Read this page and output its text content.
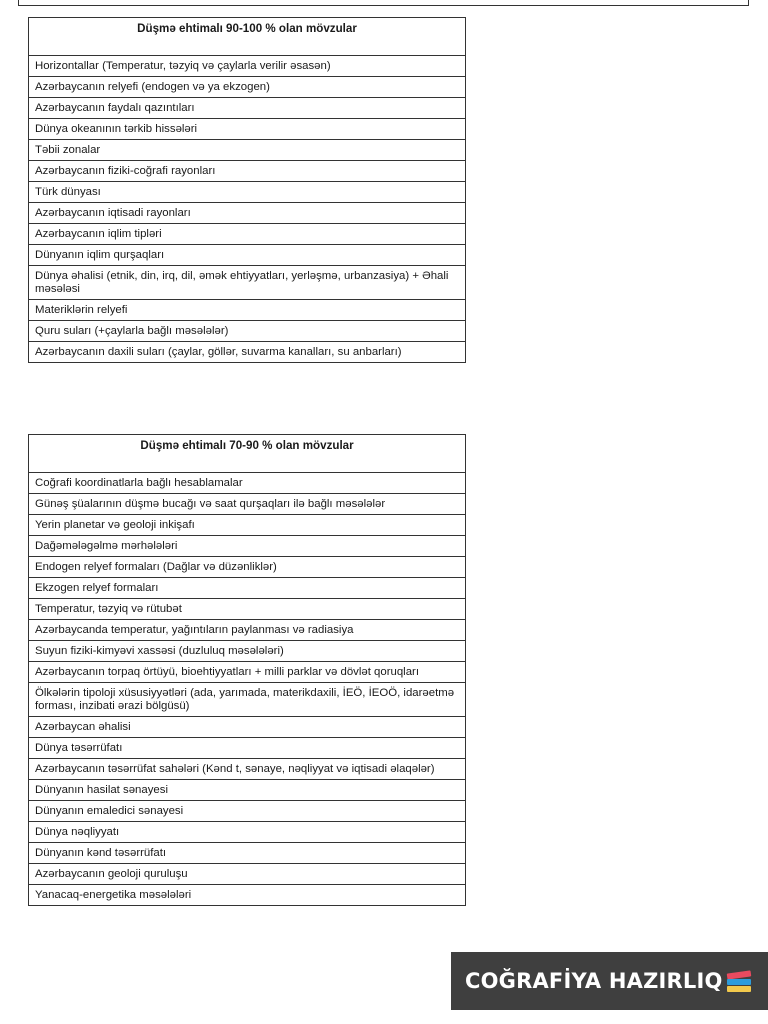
Düşmə ehtimalı 90-100 % olan mövzular
Horizontallar (Temperatur, təzyiq və çaylarla verilir əsasən)
Azərbaycanın relyefi (endogen və ya ekzogen)
Azərbaycanın faydalı qazıntıları
Dünya okeanının tərkib hissələri
Təbii zonalar
Azərbaycanın fiziki-coğrafi rayonları
Türk dünyası
Azərbaycanın iqtisadi rayonları
Azərbaycanın iqlim tipləri
Dünyanın iqlim qurşaqları
Dünya əhalisi (etnik, din, irq, dil, əmək ehtiyyatları, yerləşmə, urbanzasiya) + Əhali məsələsi
Materiklərin relyefi
Quru suları (+çaylarla bağlı məsələlər)
Azərbaycanın daxili suları (çaylar, göllər, suvarma kanalları, su anbarları)
Düşmə ehtimalı 70-90 % olan mövzular
Coğrafi koordinatlarla bağlı hesablamalar
Günəş şüalarının düşmə bucağı və saat qurşaqları ilə bağlı məsələlər
Yerin planetar və geoloji inkişafı
Dağəmələgəlmə mərhələləri
Endogen relyef formaları (Dağlar və düzənliklər)
Ekzogen relyef formaları
Temperatur, təzyiq və rütubət
Azərbaycanda temperatur, yağıntıların paylanması və radiasiya
Suyun fiziki-kimyəvi xassəsi (duzluluq məsələləri)
Azərbaycanın torpaq örtüyü, bioehtiyyatları + milli parklar və dövlət qoruqları
Ölkələrin tipoloji xüsusiyyətləri (ada, yarımada, materikdaxili, İEÖ, İEOÖ, idarəetmə forması, inzibati ərazi bölgüsü)
Azərbaycan əhalisi
Dünya təsərrüfatı
Azərbaycanın təsərrüfat sahələri (Kənd t, sənaye, nəqliyyat və iqtisadi əlaqələr)
Dünyanın hasilat sənayesi
Dünyanın emaledici sənayesi
Dünya nəqliyyatı
Dünyanın kənd təsərrüfatı
Azərbaycanın geoloji quruluşu
Yanacaq-energetika məsələləri
COĞRAFİYA HAZIRLIQ
